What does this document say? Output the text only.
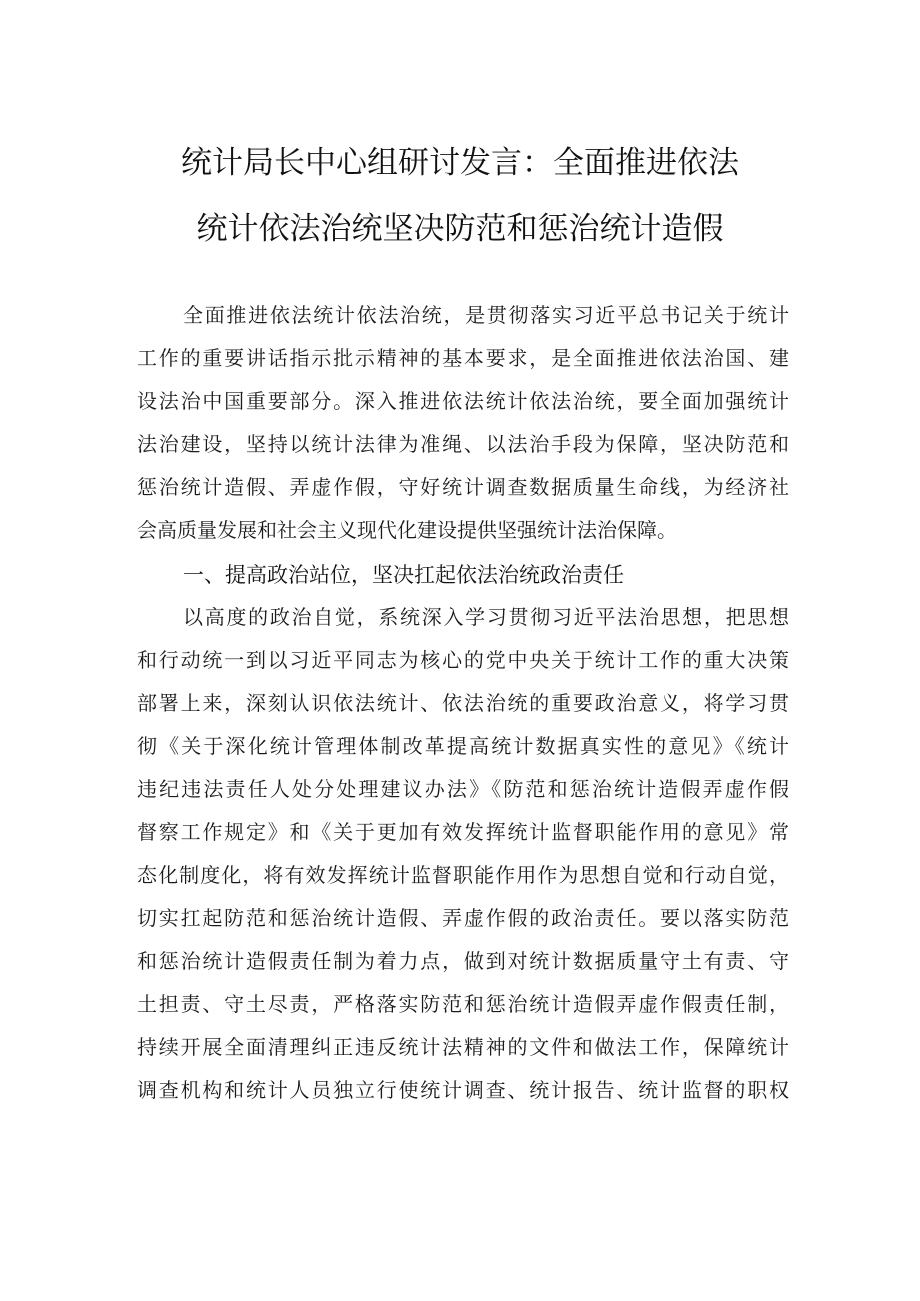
统计局长中心组研讨发言：全面推进依法
统计依法治统坚决防范和惩治统计造假
全面推进依法统计依法治统，是贯彻落实习近平总书记关于统计
工作的重要讲话指示批示精神的基本要求，是全面推进依法治国、建
设法治中国重要部分。深入推进依法统计依法治统，要全面加强统计
法治建设，坚持以统计法律为准绳、以法治手段为保障，坚决防范和
惩治统计造假、弄虚作假，守好统计调查数据质量生命线，为经济社
会高质量发展和社会主义现代化建设提供坚强统计法治保障。
一、提高政治站位，坚决扛起依法治统政治责任
以高度的政治自觉，系统深入学习贯彻习近平法治思想，把思想
和行动统一到以习近平同志为核心的党中央关于统计工作的重大决策
部署上来，深刻认识依法统计、依法治统的重要政治意义，将学习贯
彻《关于深化统计管理体制改革提高统计数据真实性的意见》《统计
违纪违法责任人处分处理建议办法》《防范和惩治统计造假弄虚作假
督察工作规定》和《关于更加有效发挥统计监督职能作用的意见》常
态化制度化，将有效发挥统计监督职能作用作为思想自觉和行动自觉，
切实扛起防范和惩治统计造假、弄虚作假的政治责任。要以落实防范
和惩治统计造假责任制为着力点，做到对统计数据质量守土有责、守
土担责、守土尽责，严格落实防范和惩治统计造假弄虚作假责任制，
持续开展全面清理纠正违反统计法精神的文件和做法工作，保障统计
调查机构和统计人员独立行使统计调查、统计报告、统计监督的职权
